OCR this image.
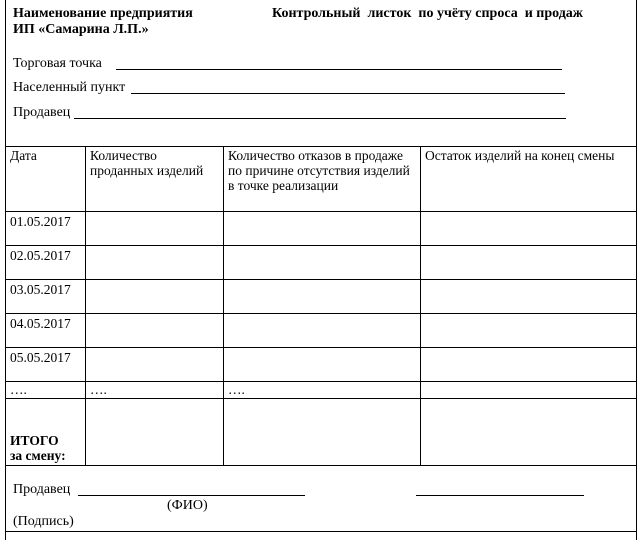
Наименование предприятия
ИП «Самарина Л.П.»
Контрольный  листок  по учёту спроса  и продаж
Торговая точка
Населенный пункт
Продавец
Дата	Количество проданных изделий	Количество отказов в продаже по причине отсутствия изделий в точке реализации	Остаток изделий на конец смены
01.05.2017			
02.05.2017			
03.05.2017			
04.05.2017			
05.05.2017			
….	….	….	

ИТОГО
за смену:			

Продавец
(ФИО)
(Подпись)
